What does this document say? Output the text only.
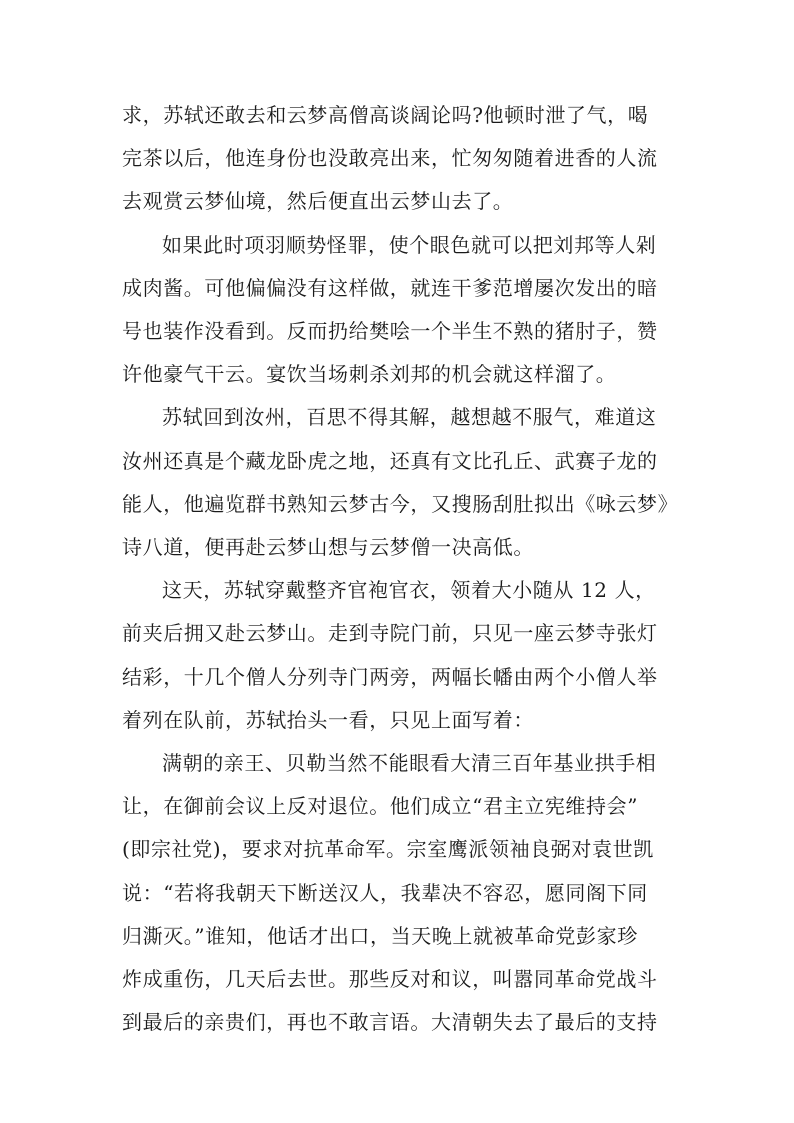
求，苏轼还敢去和云梦高僧高谈阔论吗?他顿时泄了气，喝
完茶以后，他连身份也没敢亮出来，忙匆匆随着进香的人流
去观赏云梦仙境，然后便直出云梦山去了。

如果此时项羽顺势怪罪，使个眼色就可以把刘邦等人剁
成肉酱。可他偏偏没有这样做，就连干爹范增屡次发出的暗
号也装作没看到。反而扔给樊哙一个半生不熟的猪肘子，赞
许他豪气干云。宴饮当场刺杀刘邦的机会就这样溜了。

苏轼回到汝州，百思不得其解，越想越不服气，难道这
汝州还真是个藏龙卧虎之地，还真有文比孔丘、武赛子龙的
能人，他遍览群书熟知云梦古今，又搜肠刮肚拟出《咏云梦》
诗八道，便再赴云梦山想与云梦僧一决高低。

这天，苏轼穿戴整齐官袍官衣，领着大小随从 12 人，
前夹后拥又赴云梦山。走到寺院门前，只见一座云梦寺张灯
结彩，十几个僧人分列寺门两旁，两幅长幡由两个小僧人举
着列在队前，苏轼抬头一看，只见上面写着：

满朝的亲王、贝勒当然不能眼看大清三百年基业拱手相
让，在御前会议上反对退位。他们成立“君主立宪维持会”
(即宗社党)，要求对抗革命军。宗室鹰派领袖良弼对袁世凯
说：“若将我朝天下断送汉人，我辈决不容忍，愿同阁下同
归澌灭。”谁知，他话才出口，当天晚上就被革命党彭家珍
炸成重伤，几天后去世。那些反对和议，叫嚣同革命党战斗
到最后的亲贵们，再也不敢言语。大清朝失去了最后的支持
